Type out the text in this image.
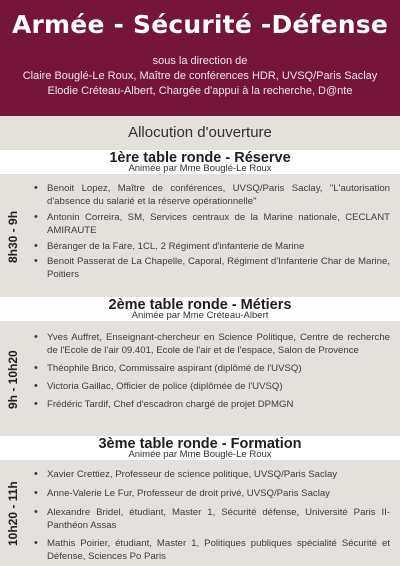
Armée - Sécurité -Défense
sous la direction de
Claire Bouglé-Le Roux, Maître de conférences HDR, UVSQ/Paris Saclay
Elodie Créteau-Albert, Chargée d'appui à la recherche, D@nte
Allocution d'ouverture
1ère table ronde - Réserve
Animée par Mme Bouglé-Le Roux
8h30 - 9h
• Benoit Lopez, Maître de conférences, UVSQ/Paris Saclay, "L'autorisation d'absence du salarié et la réserve opérationnelle"
• Antonin Correira, SM, Services centraux de la Marine nationale, CECLANT AMIRAUTE
• Béranger de la Fare, 1CL, 2 Régiment d'infanterie de Marine
• Benoit Passerat de La Chapelle, Caporal, Régiment d'Infanterie Char de Marine, Poitiers
2ème table ronde - Métiers
Animée par Mme Créteau-Albert
9h - 10h20
• Yves Auffret, Enseignant-chercheur en Science Politique, Centre de recherche de l'Ecole de l'air 09.401, Ecole de l'air et de l'espace, Salon de Provence
• Théophile Brico, Commissaire aspirant (diplômé de l'UVSQ)
• Victoria Gaillac, Officier de police (diplômée de l'UVSQ)
• Frédéric Tardif, Chef d'escadron chargé de projet DPMGN
3ème table ronde - Formation
Animée par Mme Bouglé-Le Roux
10h20 - 11h
• Xavier Crettiez, Professeur de science politique, UVSQ/Paris Saclay
• Anne-Valerie Le Fur, Professeur de droit privé, UVSQ/Paris Saclay
• Alexandre Bridel, étudiant, Master 1, Sécurité défense, Université Paris II-Panthéon Assas
• Mathis Poirier, étudiant, Master 1, Politiques publiques spécialité Sécurité et Défense, Sciences Po Paris
